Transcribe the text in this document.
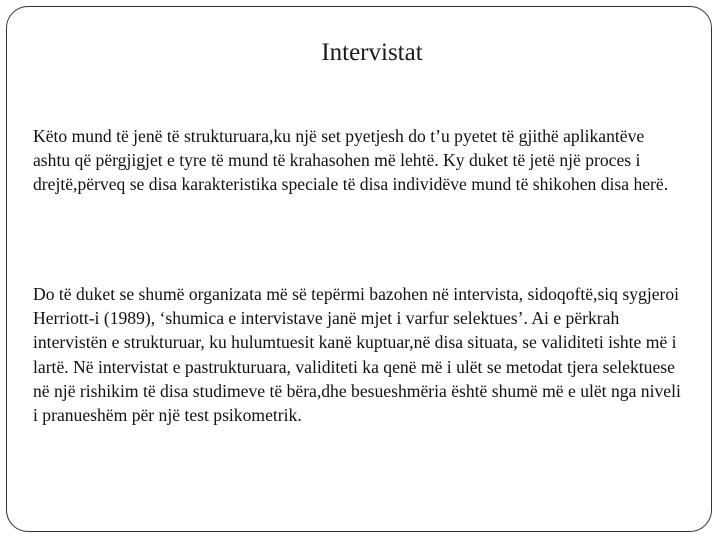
Intervistat

Këto mund të jenë të strukturuara,ku një set pyetjesh do t’u pyetet të gjithë aplikantëve ashtu që përgjigjet e tyre të mund të krahasohen më lehtë. Ky duket të jetë një proces i drejtë,përveq se disa karakteristika speciale të disa individëve mund të shikohen disa herë.

Do të duket se shumë organizata më së tepërmi bazohen në intervista, sidoqoftë,siq sygjeroi Herriott-i (1989), ‘shumica e intervistave janë mjet i varfur selektues’. Ai e përkrah intervistën e strukturuar, ku hulumtuesit kanë kuptuar,në disa situata, se validiteti ishte më i lartë. Në intervistat e pastrukturuara, validiteti ka qenë më i ulët se metodat tjera selektuese në një rishikim të disa studimeve të bëra,dhe besueshmëria është shumë më e ulët nga niveli i pranueshëm për një test psikometrik.
